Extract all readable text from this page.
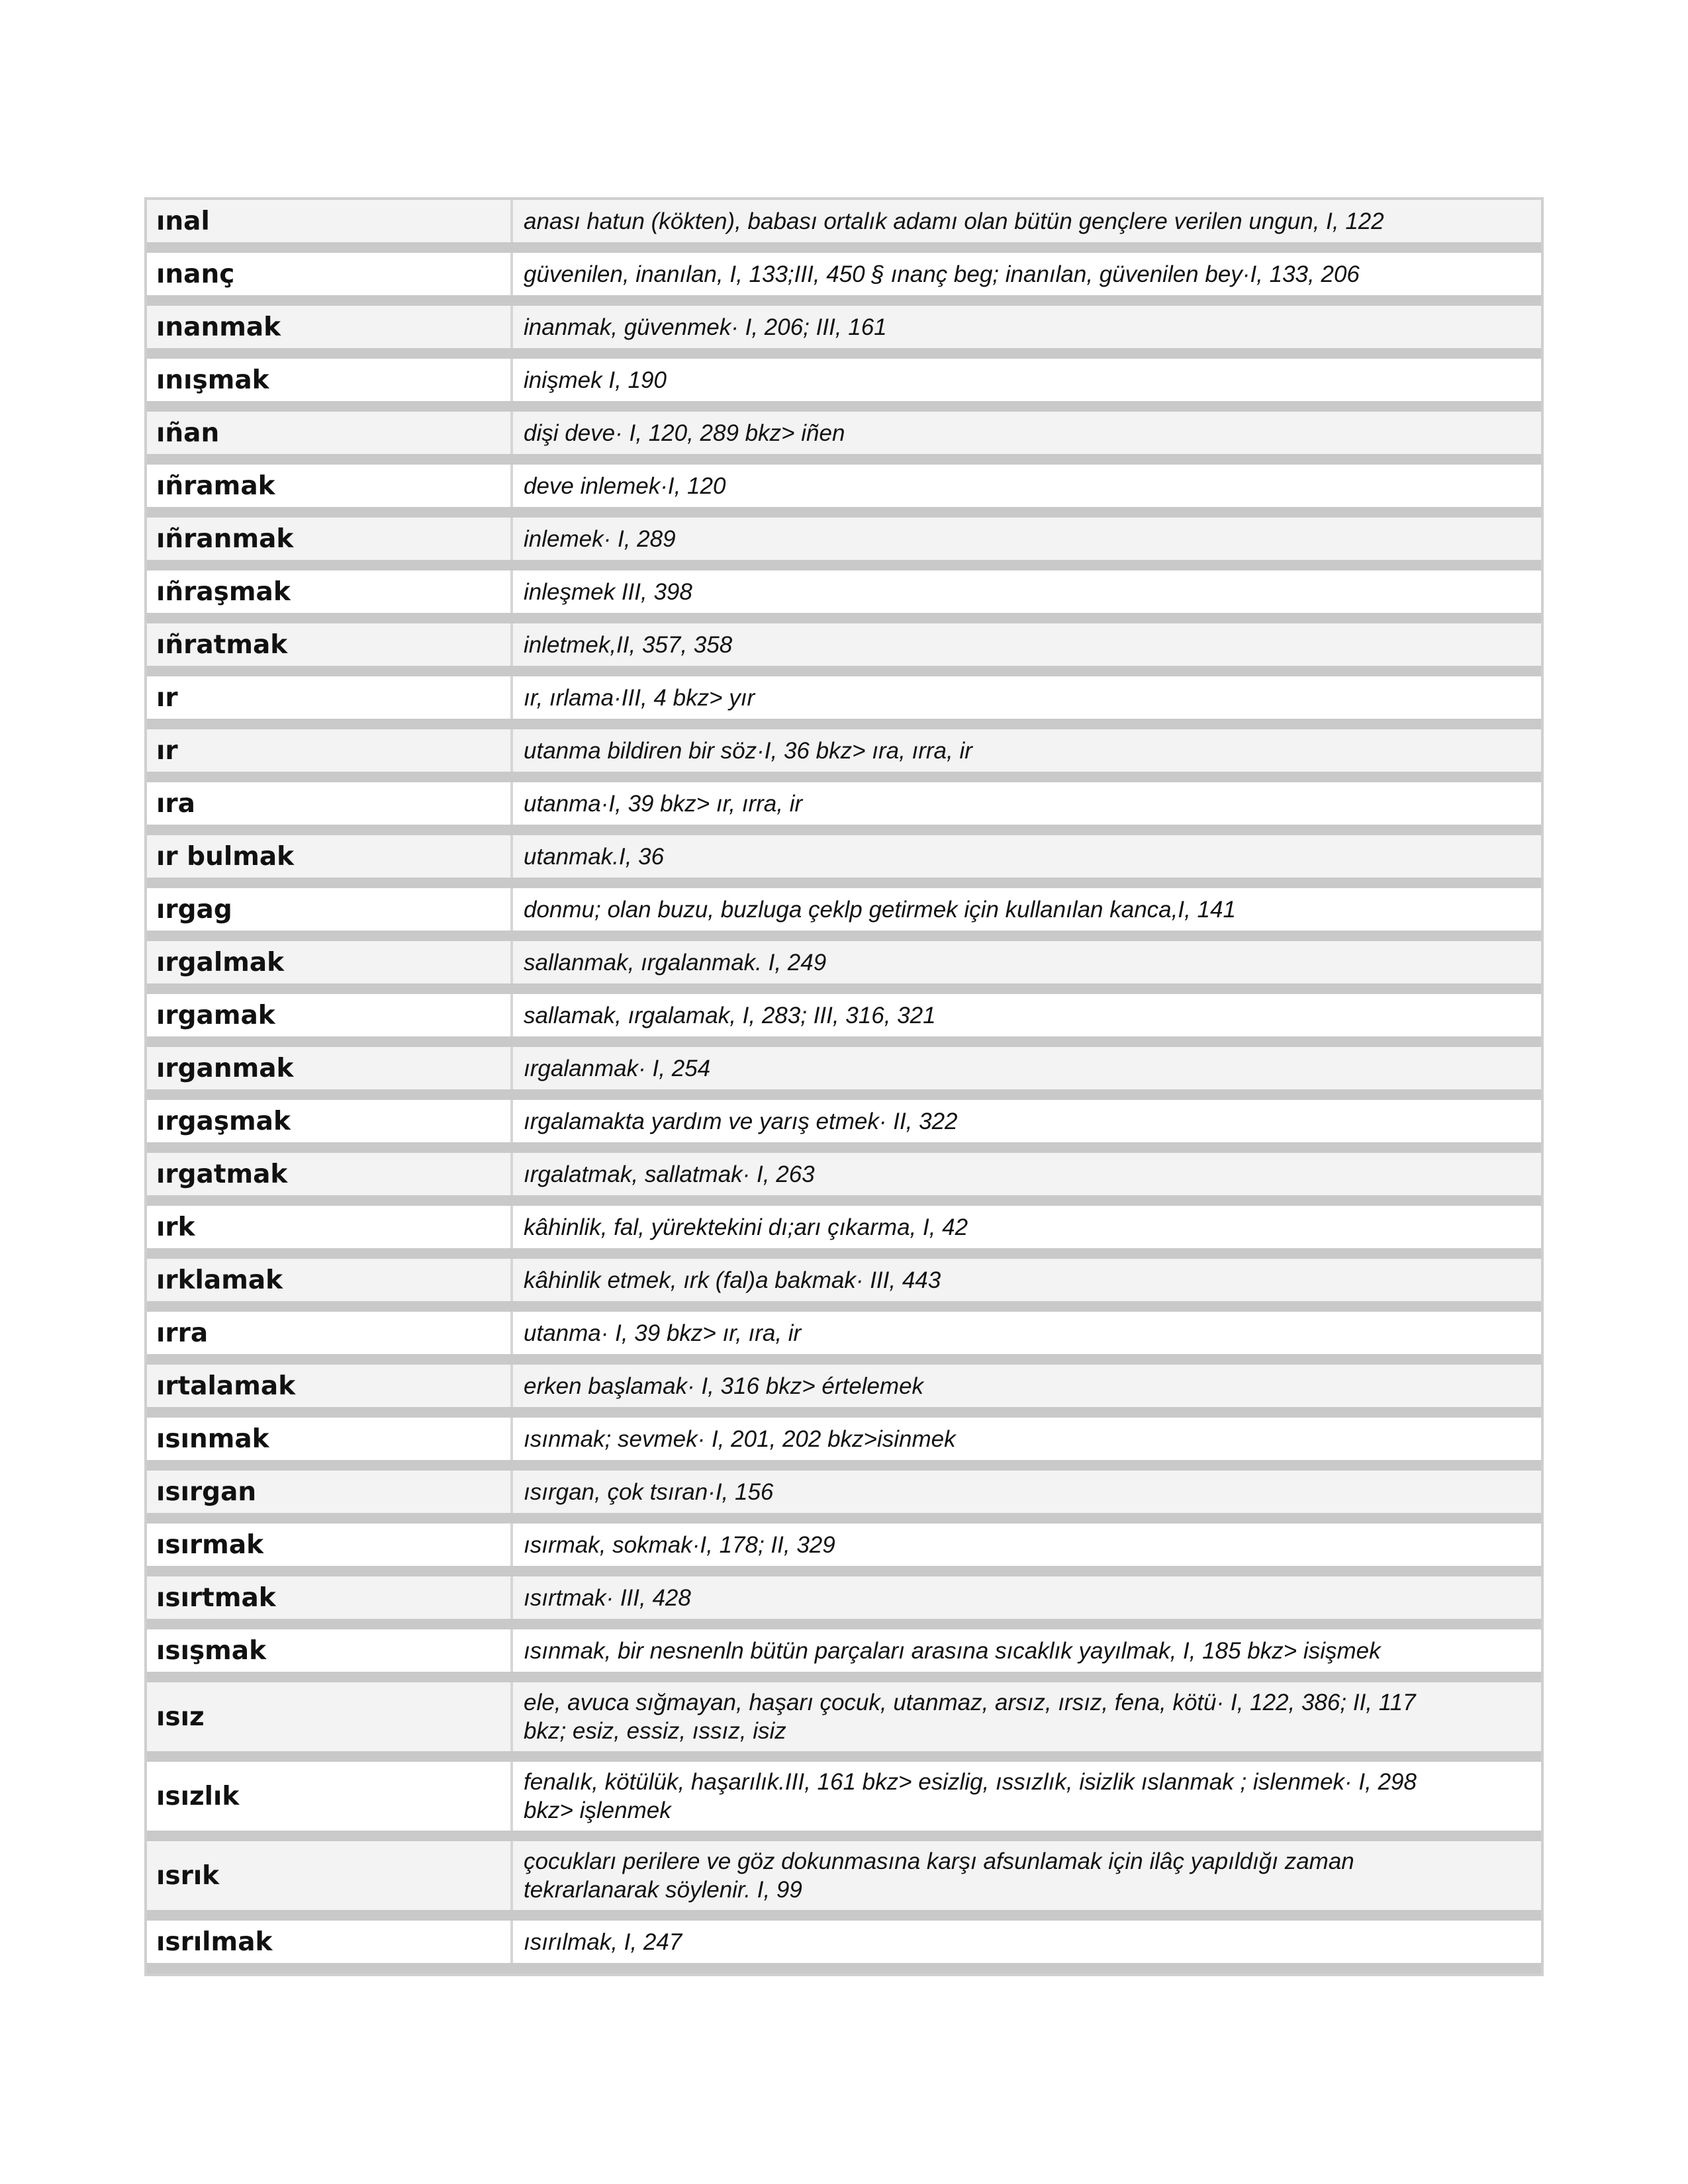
ınal	anası hatun (kökten), babası ortalık adamı olan bütün gençlere verilen ungun, I, 122
ınanç	güvenilen, inanılan, I, 133;III, 450 § ınanç beg; inanılan, güvenilen bey·I, 133, 206
ınanmak	inanmak, güvenmek· I, 206; III, 161
ınışmak	inişmek I, 190
ıñan	dişi deve· I, 120, 289 bkz> iñen
ıñramak	deve inlemek·I, 120
ıñranmak	inlemek· I, 289
ıñraşmak	inleşmek III, 398
ıñratmak	inletmek,II, 357, 358
ır	ır, ırlama·III, 4 bkz> yır
ır	utanma bildiren bir söz·I, 36 bkz> ıra, ırra, ir
ıra	utanma·I, 39 bkz> ır, ırra, ir
ır bulmak	utanmak.I, 36
ırgag	donmu; olan buzu, buzluga çeklp getirmek için kullanılan kanca,I, 141
ırgalmak	sallanmak, ırgalanmak. I, 249
ırgamak	sallamak, ırgalamak, I, 283; III, 316, 321
ırganmak	ırgalanmak· I, 254
ırgaşmak	ırgalamakta yardım ve yarış etmek· II, 322
ırgatmak	ırgalatmak, sallatmak· I, 263
ırk	kâhinlik, fal, yürektekini dı;arı çıkarma, I, 42
ırklamak	kâhinlik etmek, ırk (fal)a bakmak· III, 443
ırra	utanma· I, 39 bkz> ır, ıra, ir
ırtalamak	erken başlamak· I, 316 bkz> értelemek
ısınmak	ısınmak; sevmek· I, 201, 202 bkz>isinmek
ısırgan	ısırgan, çok tsıran·I, 156
ısırmak	ısırmak, sokmak·I, 178; II, 329
ısırtmak	ısırtmak· III, 428
ısışmak	ısınmak, bir nesnenln bütün parçaları arasına sıcaklık yayılmak, I, 185 bkz> isişmek
ısız	ele, avuca sığmayan, haşarı çocuk, utanmaz, arsız, ırsız, fena, kötü· I, 122, 386; II, 117
bkz; esiz, essiz, ıssız, isiz
ısızlık	fenalık, kötülük, haşarılık.III, 161 bkz> esizlig, ıssızlık, isizlik ıslanmak ; islenmek· I, 298
bkz> işlenmek
ısrık	çocukları perilere ve göz dokunmasına karşı afsunlamak için ilâç yapıldığı zaman
tekrarlanarak söylenir. I, 99
ısrılmak	ısırılmak, I, 247
